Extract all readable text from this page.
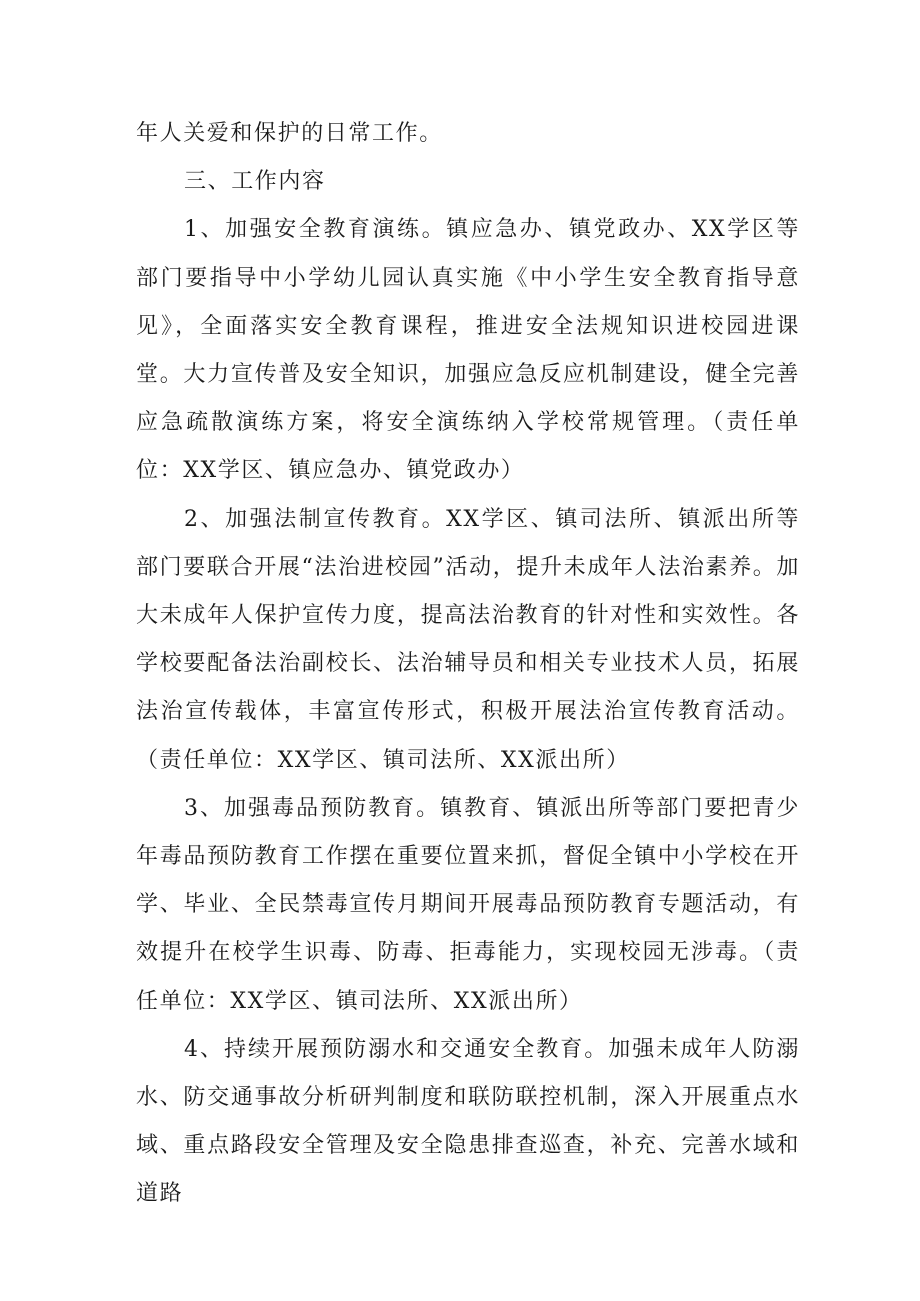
年人关爱和保护的日常工作。

三、工作内容

1、加强安全教育演练。镇应急办、镇党政办、XX学区等部门要指导中小学幼儿园认真实施《中小学生安全教育指导意见》，全面落实安全教育课程，推进安全法规知识进校园进课堂。大力宣传普及安全知识，加强应急反应机制建设，健全完善应急疏散演练方案，将安全演练纳入学校常规管理。（责任单位：XX学区、镇应急办、镇党政办）

2、加强法制宣传教育。XX学区、镇司法所、镇派出所等部门要联合开展“法治进校园”活动，提升未成年人法治素养。加大未成年人保护宣传力度，提高法治教育的针对性和实效性。各学校要配备法治副校长、法治辅导员和相关专业技术人员，拓展法治宣传载体，丰富宣传形式，积极开展法治宣传教育活动。（责任单位：XX学区、镇司法所、XX派出所）

3、加强毒品预防教育。镇教育、镇派出所等部门要把青少年毒品预防教育工作摆在重要位置来抓，督促全镇中小学校在开学、毕业、全民禁毒宣传月期间开展毒品预防教育专题活动，有效提升在校学生识毒、防毒、拒毒能力，实现校园无涉毒。（责任单位：XX学区、镇司法所、XX派出所）

4、持续开展预防溺水和交通安全教育。加强未成年人防溺水、防交通事故分析研判制度和联防联控机制，深入开展重点水域、重点路段安全管理及安全隐患排查巡查，补充、完善水域和道路
